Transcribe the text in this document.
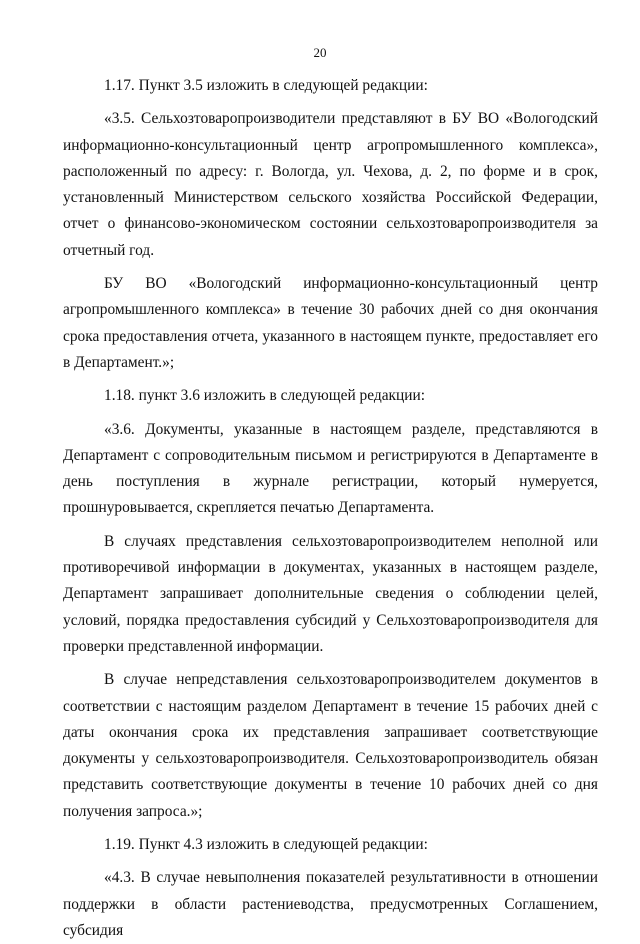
20

1.17. Пункт 3.5 изложить в следующей редакции:

«3.5. Сельхозтоваропроизводители представляют в БУ ВО «Вологодский информационно-консультационный центр агропромышленного комплекса», расположенный по адресу: г. Вологда, ул. Чехова, д. 2, по форме и в срок, установленный Министерством сельского хозяйства Российской Федерации, отчет о финансово-экономическом состоянии сельхозтоваропроизводителя за отчетный год.

БУ ВО «Вологодский информационно-консультационный центр агропромышленного комплекса» в течение 30 рабочих дней со дня окончания срока предоставления отчета, указанного в настоящем пункте, предоставляет его в Департамент.»;

1.18. пункт 3.6 изложить в следующей редакции:

«3.6. Документы, указанные в настоящем разделе, представляются в Департамент с сопроводительным письмом и регистрируются в Департаменте в день поступления в журнале регистрации, который нумеруется, прошнуровывается, скрепляется печатью Департамента.

В случаях представления сельхозтоваропроизводителем неполной или противоречивой информации в документах, указанных в настоящем разделе, Департамент запрашивает дополнительные сведения о соблюдении целей, условий, порядка предоставления субсидий у Сельхозтоваропроизводителя для проверки представленной информации.

В случае непредставления сельхозтоваропроизводителем документов в соответствии с настоящим разделом Департамент в течение 15 рабочих дней с даты окончания срока их представления запрашивает соответствующие документы у сельхозтоваропроизводителя. Сельхозтоваропроизводитель обязан представить соответствующие документы в течение 10 рабочих дней со дня получения запроса.»;

1.19. Пункт 4.3 изложить в следующей редакции:

«4.3. В случае невыполнения показателей результативности в отношении поддержки в области растениеводства, предусмотренных Соглашением, субсидия
